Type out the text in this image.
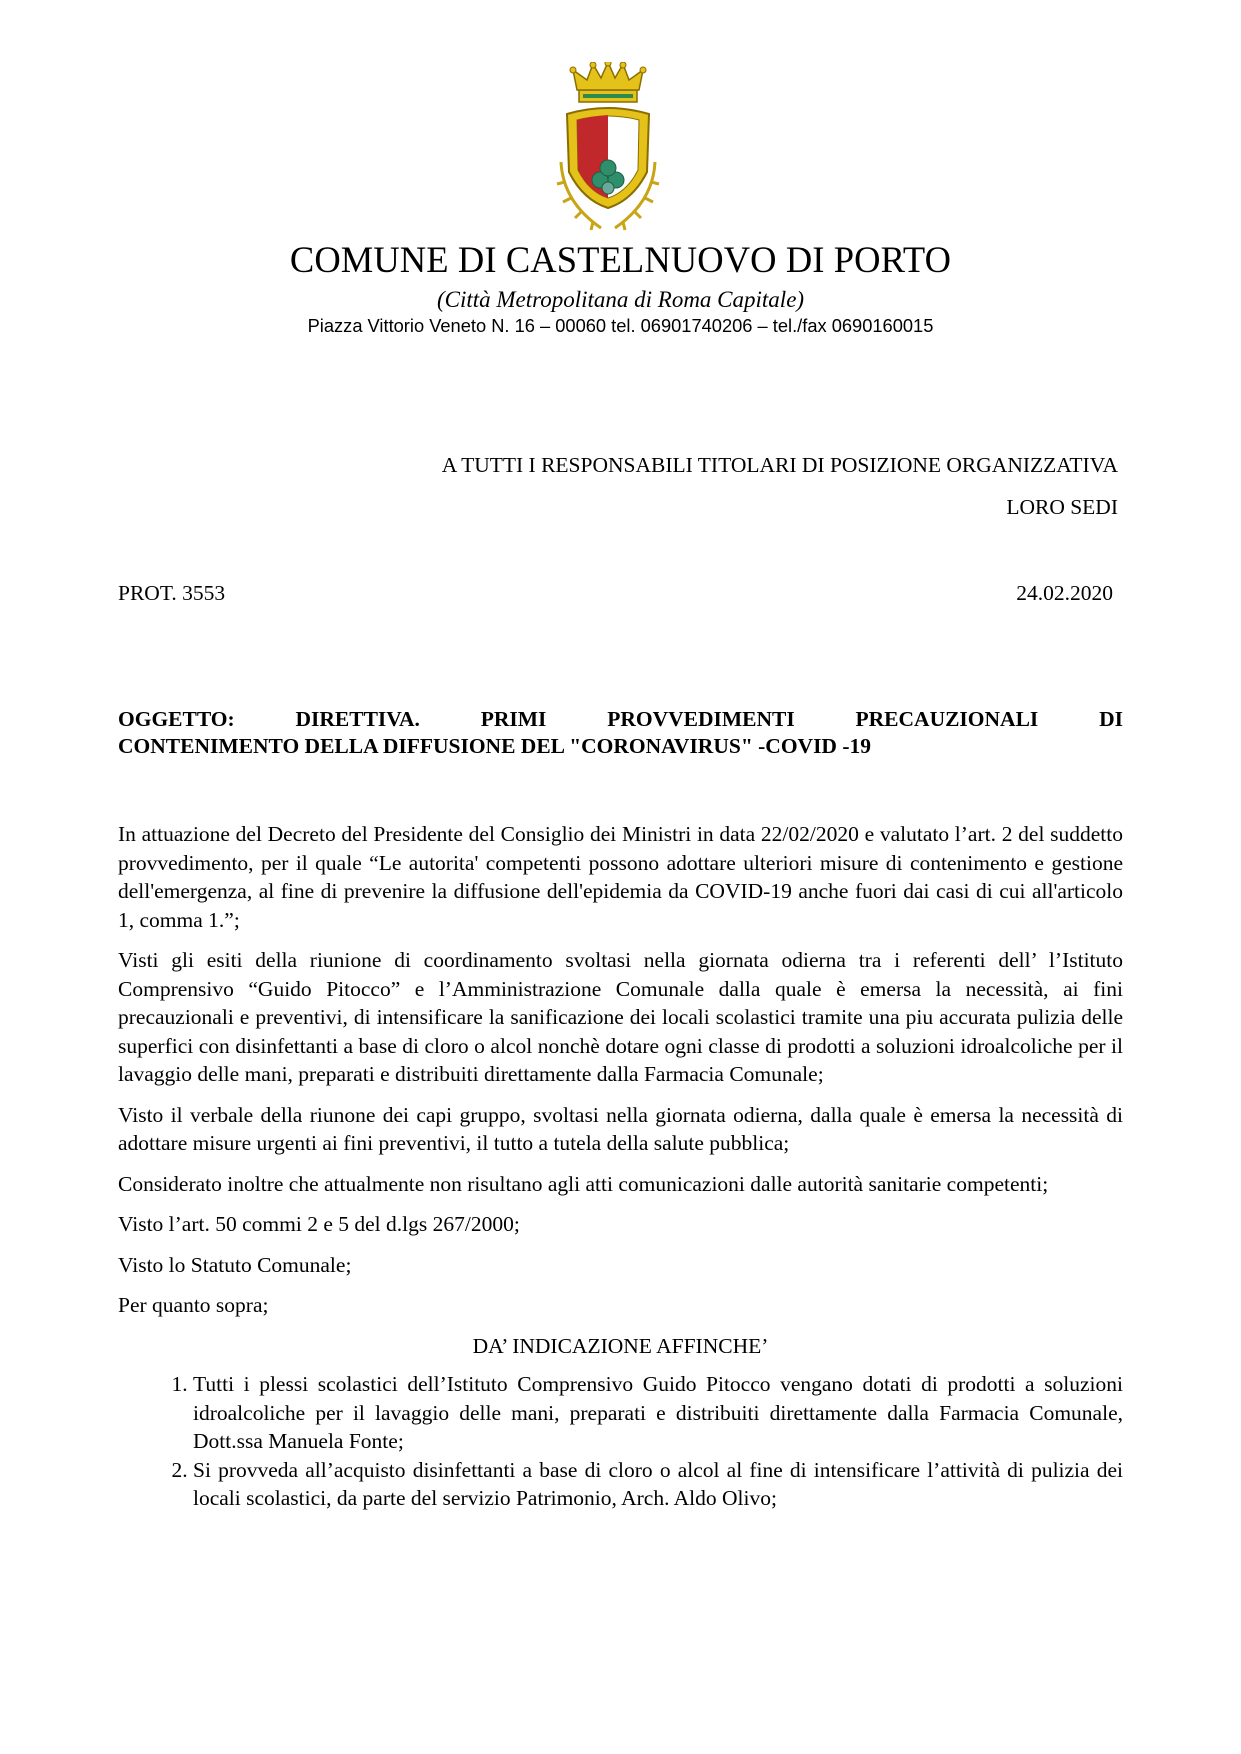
COMUNE DI CASTELNUOVO DI PORTO
(Città Metropolitana di Roma Capitale)
Piazza Vittorio Veneto N. 16 – 00060 tel. 06901740206 – tel./fax 0690160015
A TUTTI I RESPONSABILI TITOLARI DI POSIZIONE ORGANIZZATIVA
LORO SEDI
PROT. 3553	24.02.2020
OGGETTO:	DIRETTIVA.	PRIMI	PROVVEDIMENTI	PRECAUZIONALI	DI
CONTENIMENTO DELLA DIFFUSIONE DEL "CORONAVIRUS" -COVID -19

In attuazione del Decreto del Presidente del Consiglio dei Ministri in data 22/02/2020 e valutato l’art. 2 del suddetto provvedimento, per il quale “Le autorita' competenti possono adottare ulteriori misure di contenimento e gestione dell'emergenza, al fine di prevenire la diffusione dell'epidemia da COVID-19 anche fuori dai casi di cui all'articolo 1, comma 1.”;

Visti gli esiti della riunione di coordinamento svoltasi nella giornata odierna tra i referenti dell’ l’Istituto Comprensivo “Guido Pitocco” e l’Amministrazione Comunale dalla quale è emersa la necessità, ai fini precauzionali e preventivi, di intensificare la sanificazione dei locali scolastici tramite una piu accurata pulizia delle superfici con disinfettanti a base di cloro o alcol nonchè dotare ogni classe di prodotti a soluzioni idroalcoliche per il lavaggio delle mani, preparati e distribuiti direttamente dalla Farmacia Comunale;

Visto il verbale della riunone dei capi gruppo, svoltasi nella giornata odierna, dalla quale è emersa la necessità di adottare misure urgenti ai fini preventivi, il tutto a tutela della salute pubblica;

Considerato inoltre che attualmente non risultano agli atti comunicazioni dalle autorità sanitarie competenti;

Visto l’art. 50 commi 2 e 5 del d.lgs 267/2000;

Visto lo Statuto Comunale;

Per quanto sopra;

DA’ INDICAZIONE AFFINCHE’
1. Tutti i plessi scolastici dell’Istituto Comprensivo Guido Pitocco vengano dotati di prodotti a soluzioni idroalcoliche per il lavaggio delle mani, preparati e distribuiti direttamente dalla Farmacia Comunale, Dott.ssa Manuela Fonte;
2. Si provveda all’acquisto disinfettanti a base di cloro o alcol al fine di intensificare l’attività di pulizia dei locali scolastici, da parte del servizio Patrimonio, Arch. Aldo Olivo;
